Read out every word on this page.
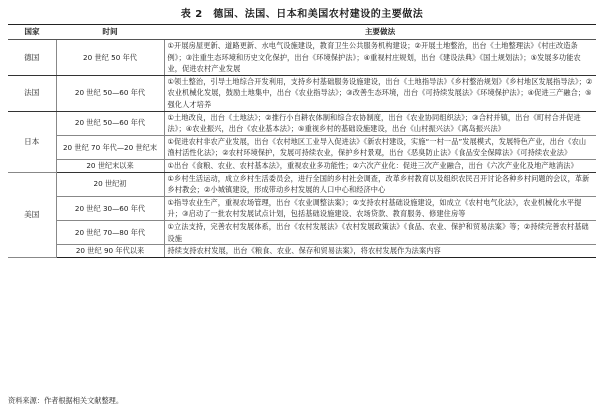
表 2　德国、法国、日本和美国农村建设的主要做法
国家	时间	主要做法
德国	20 世纪 50 年代	①开展房屋更新、道路更新、水电气设施建设，教育卫生公共服务机构建设；②开展土地整治，出台《土地整理法》《村庄改造条例》；③注重生态环境和历史文化保护，出台《环境保护法》；④重视村庄规划，出台《建设法典》《国土规划法》；⑤发展多功能农业，促进农村产业发展
法国	20 世纪 50—60 年代	①领土整治，引导土地综合开发利用，支持乡村基础服务设施建设，出台《土地指导法》《乡村整治规划》《乡村地区发展指导法》；②农业机械化发展，鼓励土地集中，出台《农业指导法》；③改善生态环境，出台《可持续发展法》《环境保护法》；④促进三产融合；⑤强化人才培养
日本	20 世纪 50—60 年代	①土地改良，出台《土地法》；②推行小自耕农体制和综合农协制度，出台《农业协同组织法》；③合村并镇，出台《町村合并促进法》；④农业振兴，出台《农业基本法》；⑤重视乡村的基础设施建设，出台《山村振兴法》《离岛振兴法》
	20 世纪 70 年代—20 世纪末	①促进农村非农产业发展，出台《农村地区工业导入促进法》《新农村建设，实施“一村一品”发展模式，发展特色产业，出台《农山渔村活性化法》；②农村环境保护，发展可持续农业，保护乡村景观，出台《恶臭防止法》《食品安全保障法》《可持续农业法》
	20 世纪末以来	①出台《食粮、农业、农村基本法》，重视农业多功能性；②六次产业化：促进三次产业融合，出台《六次产业化及地产地消法》
美国	20 世纪初	①乡村生活运动，成立乡村生活委员会，进行全国的乡村社会调查，改革乡村教育以及组织农民召开讨论各种乡村问题的会议，革新乡村教会；②小城镇建设，形成带动乡村发展的人口中心和经济中心
	20 世纪 30—60 年代	①指导农业生产，重视农场管理，出台《农业调整法案》；②支持农村基础设施建设，如成立《农村电气化法》，农业机械化水平提升；③启动了一批农村发展试点计划，包括基础设施建设、农场贷款、教育服务、修建住房等
	20 世纪 70—80 年代	①立法支持，完善农村发展体系，出台《农村发展法》《农村发展政策法》《食品、农业、保护和贸易法案》等；②持续完善农村基础设施
	20 世纪 90 年代以来	持续支持农村发展，出台《粮食、农业、保存和贸易法案》，将农村发展作为法案内容
资料来源：作者根据相关文献整理。
